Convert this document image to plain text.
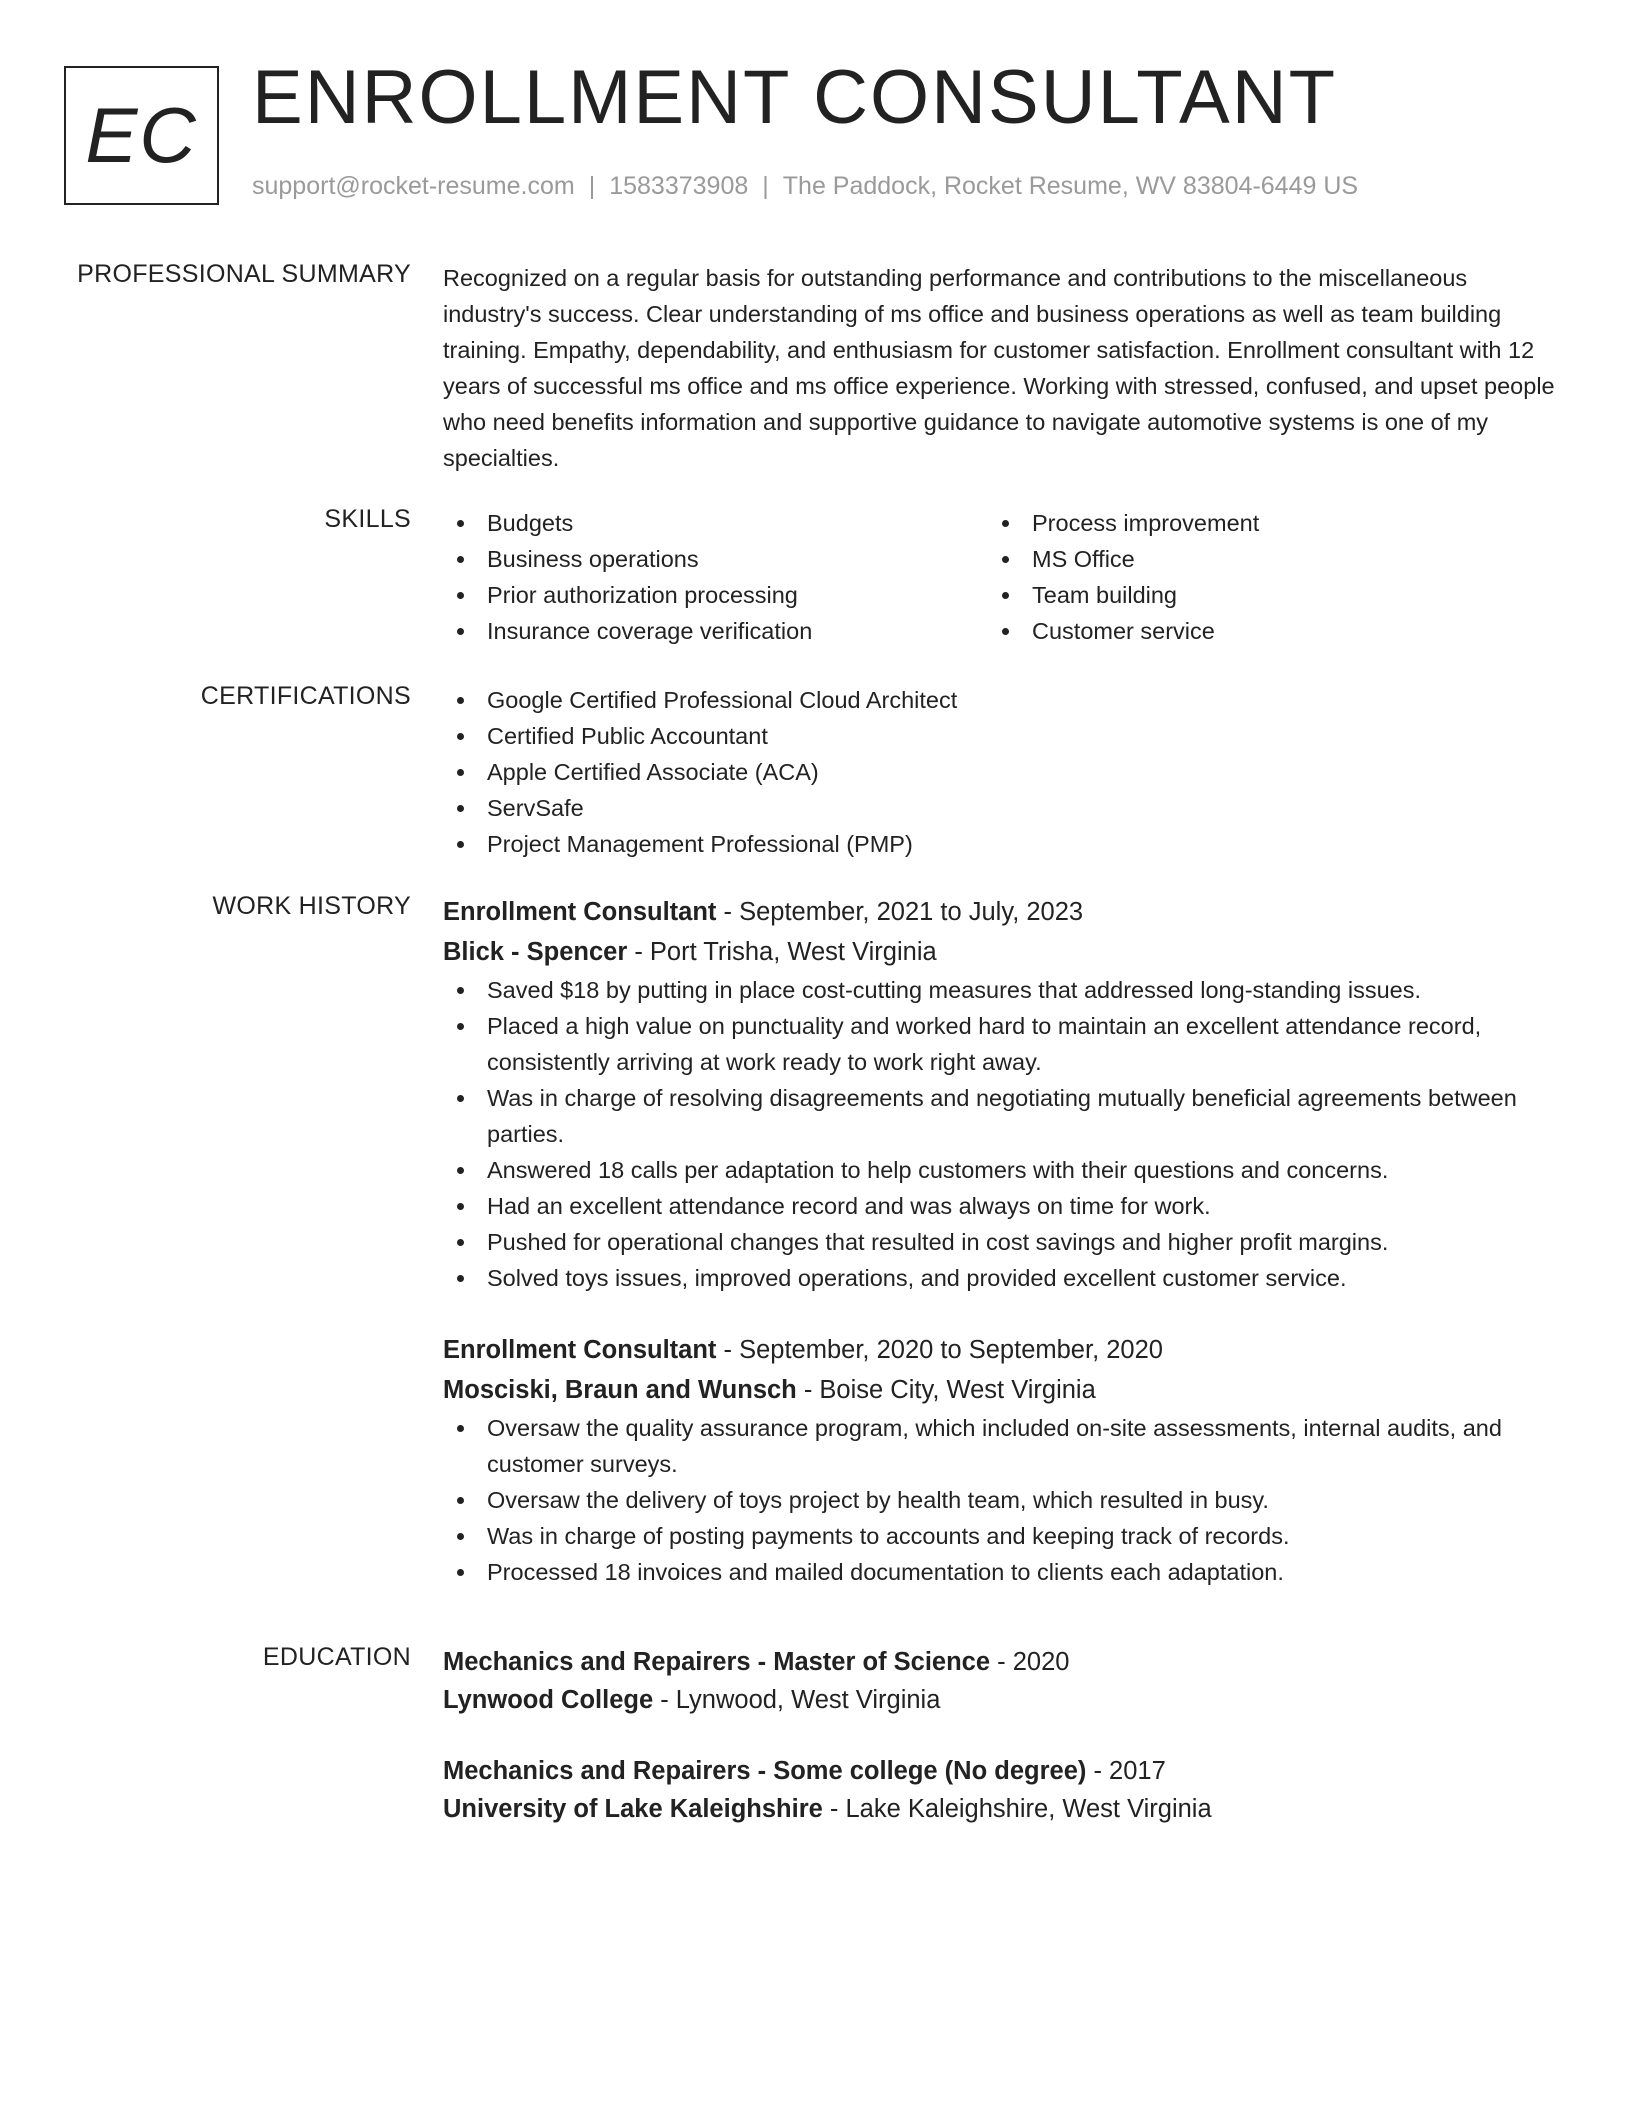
EC ENROLLMENT CONSULTANT
support@rocket-resume.com | 1583373908 | The Paddock, Rocket Resume, WV 83804-6449 US
PROFESSIONAL SUMMARY Recognized on a regular basis for outstanding performance and contributions to the miscellaneous industry's success. Clear understanding of ms office and business operations as well as team building training. Empathy, dependability, and enthusiasm for customer satisfaction. Enrollment consultant with 12 years of successful ms office and ms office experience. Working with stressed, confused, and upset people who need benefits information and supportive guidance to navigate automotive systems is one of my specialties.

SKILLS	Budgets
Business operations
Prior authorization processing
Insurance coverage verification
Process improvement
MS Office
Team building
Customer service
CERTIFICATIONS	Google Certified Professional Cloud Architect
Certified Public Accountant
Apple Certified Associate (ACA)
ServSafe
Project Management Professional (PMP)
WORK HISTORY Enrollment Consultant - September, 2021 to July, 2023
Blick - Spencer - Port Trisha, West Virginia
Saved $18 by putting in place cost-cutting measures that addressed long-standing issues.
Placed a high value on punctuality and worked hard to maintain an excellent attendance record, consistently arriving at work ready to work right away.
Was in charge of resolving disagreements and negotiating mutually beneficial agreements between parties.
Answered 18 calls per adaptation to help customers with their questions and concerns.
Had an excellent attendance record and was always on time for work.
Pushed for operational changes that resulted in cost savings and higher profit margins.
Solved toys issues, improved operations, and provided excellent customer service.
Enrollment Consultant - September, 2020 to September, 2020
Mosciski, Braun and Wunsch - Boise City, West Virginia
Oversaw the quality assurance program, which included on-site assessments, internal audits, and customer surveys.
Oversaw the delivery of toys project by health team, which resulted in busy.
Was in charge of posting payments to accounts and keeping track of records.
Processed 18 invoices and mailed documentation to clients each adaptation.
EDUCATION Mechanics and Repairers - Master of Science - 2020
Lynwood College - Lynwood, West Virginia
Mechanics and Repairers - Some college (No degree) - 2017
University of Lake Kaleighshire - Lake Kaleighshire, West Virginia
